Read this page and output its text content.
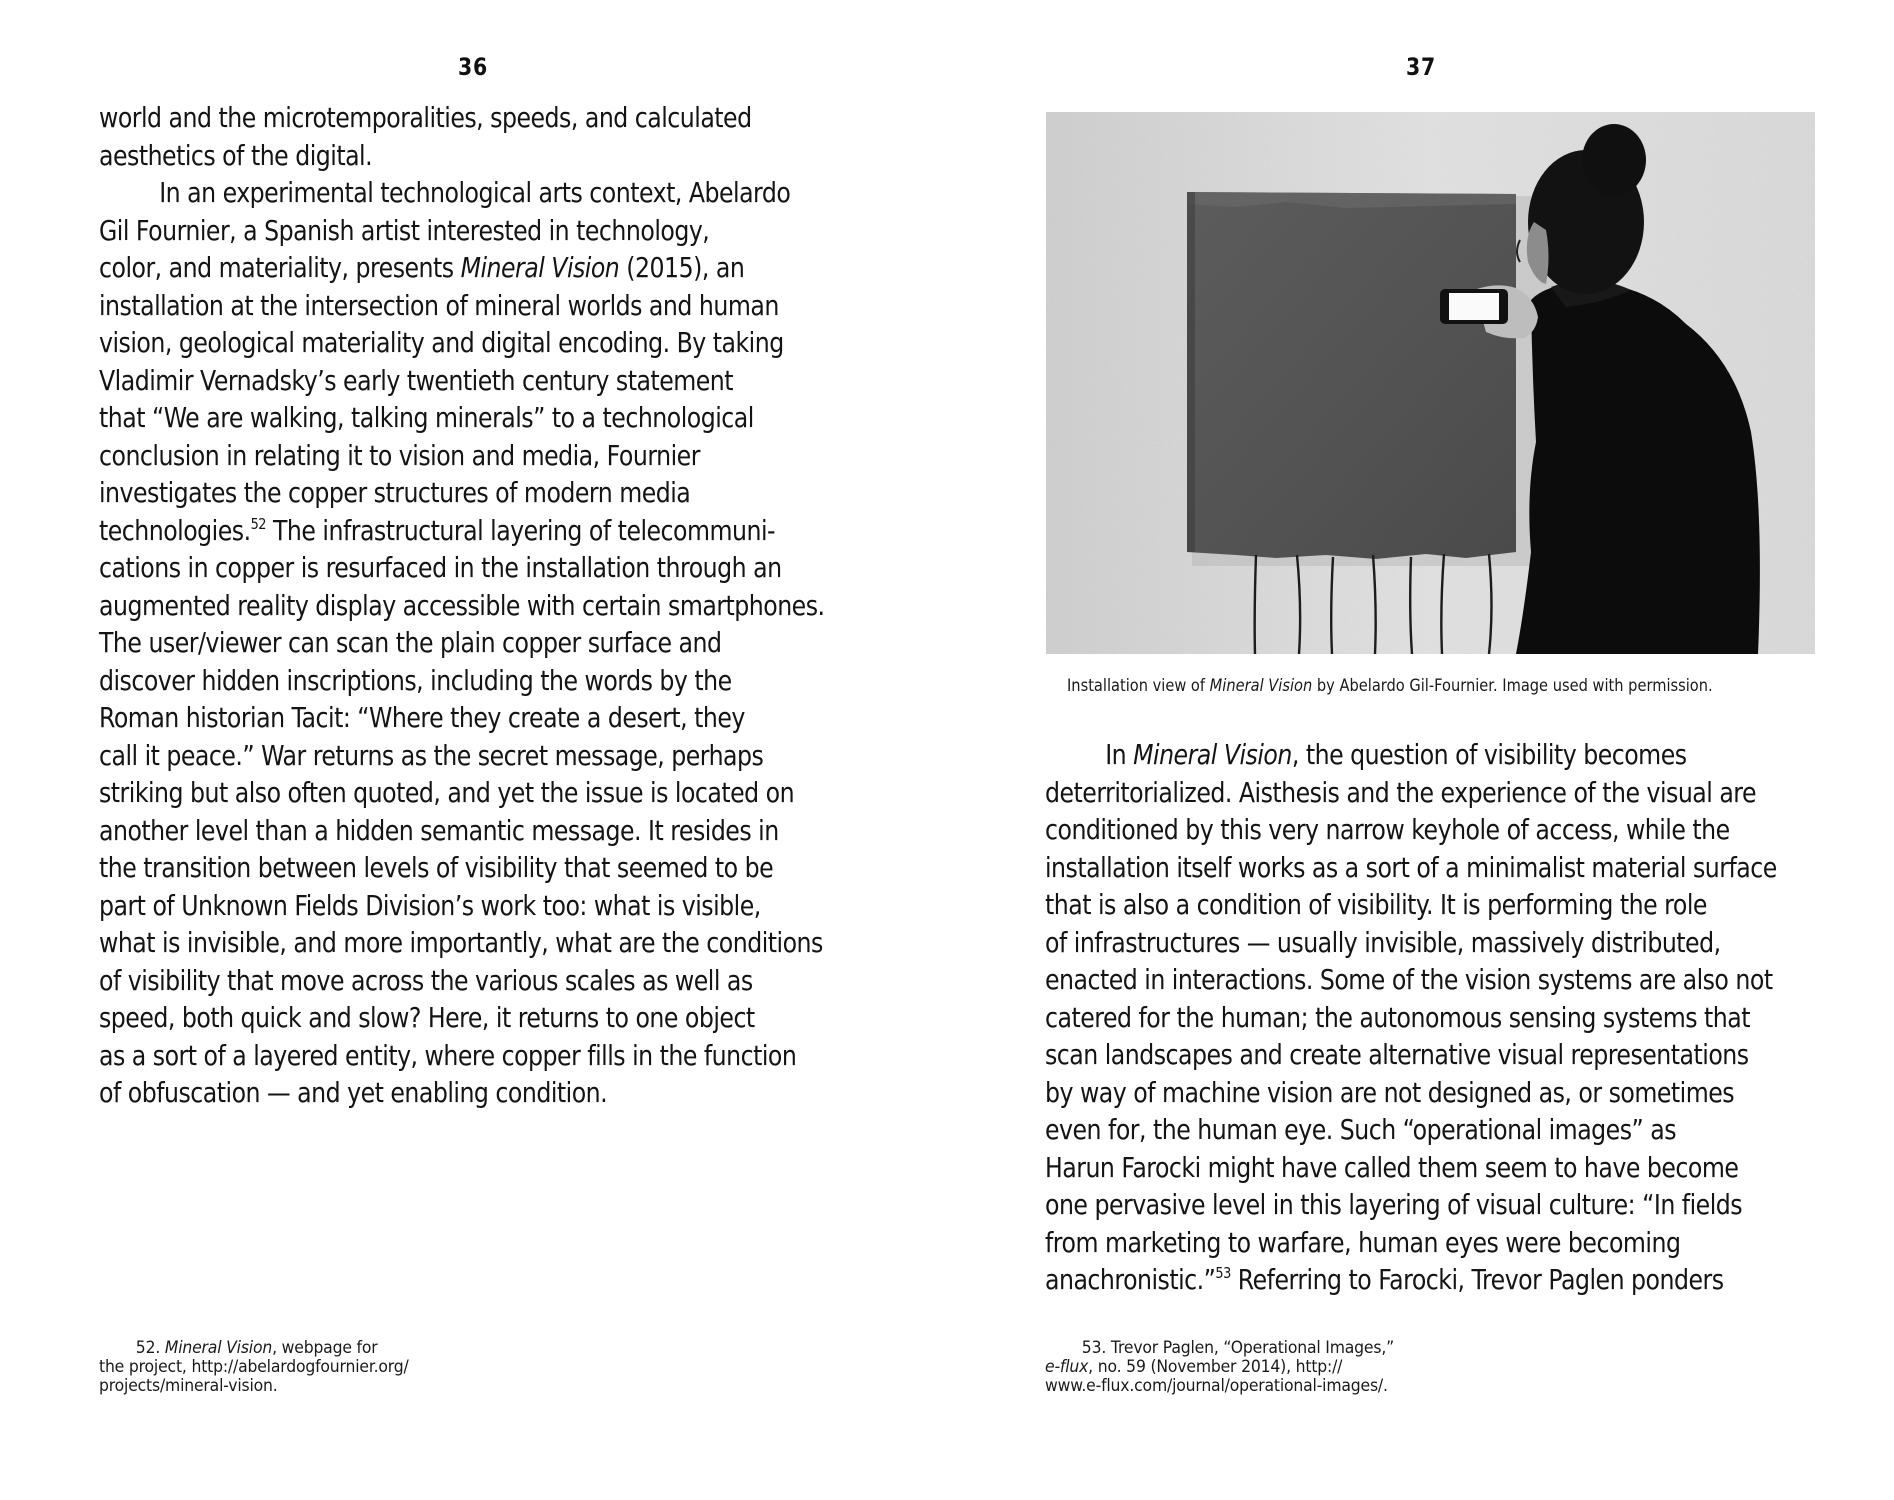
36
world and the microtemporalities, speeds, and calculated
aesthetics of the digital.
In an experimental technological arts context, Abelardo
Gil Fournier, a Spanish artist interested in technology,
color, and materiality, presents Mineral Vision (2015), an
installation at the intersection of mineral worlds and human
vision, geological materiality and digital encoding. By taking
Vladimir Vernadsky’s early twentieth century statement
that “We are walking, talking minerals” to a technological
conclusion in relating it to vision and media, Fournier
investigates the copper structures of modern media
technologies.$^{52}$ The infrastructural layering of telecommuni-
cations in copper is resurfaced in the installation through an
augmented reality display accessible with certain smartphones.
The user/viewer can scan the plain copper surface and
discover hidden inscriptions, including the words by the
Roman historian Tacit: “Where they create a desert, they
call it peace.” War returns as the secret message, perhaps
striking but also often quoted, and yet the issue is located on
another level than a hidden semantic message. It resides in
the transition between levels of visibility that seemed to be
part of Unknown Fields Division’s work too: what is visible,
what is invisible, and more importantly, what are the conditions
of visibility that move across the various scales as well as
speed, both quick and slow? Here, it returns to one object
as a sort of a layered entity, where copper fills in the function
of obfuscation — and yet enabling condition.
52. Mineral Vision, webpage for
the project, http://abelardogfournier.org/
projects/mineral-vision.
37
Installation view of Mineral Vision by Abelardo Gil-Fournier. Image used with permission.
In Mineral Vision, the question of visibility becomes
deterritorialized. Aisthesis and the experience of the visual are
conditioned by this very narrow keyhole of access, while the
installation itself works as a sort of a minimalist material surface
that is also a condition of visibility. It is performing the role
of infrastructures — usually invisible, massively distributed,
enacted in interactions. Some of the vision systems are also not
catered for the human; the autonomous sensing systems that
scan landscapes and create alternative visual representations
by way of machine vision are not designed as, or sometimes
even for, the human eye. Such “operational images” as
Harun Farocki might have called them seem to have become
one pervasive level in this layering of visual culture: “In fields
from marketing to warfare, human eyes were becoming
anachronistic.”$^{53}$ Referring to Farocki, Trevor Paglen ponders
53. Trevor Paglen, “Operational Images,”
e-flux, no. 59 (November 2014), http://
www.e-flux.com/journal/operational-images/.
